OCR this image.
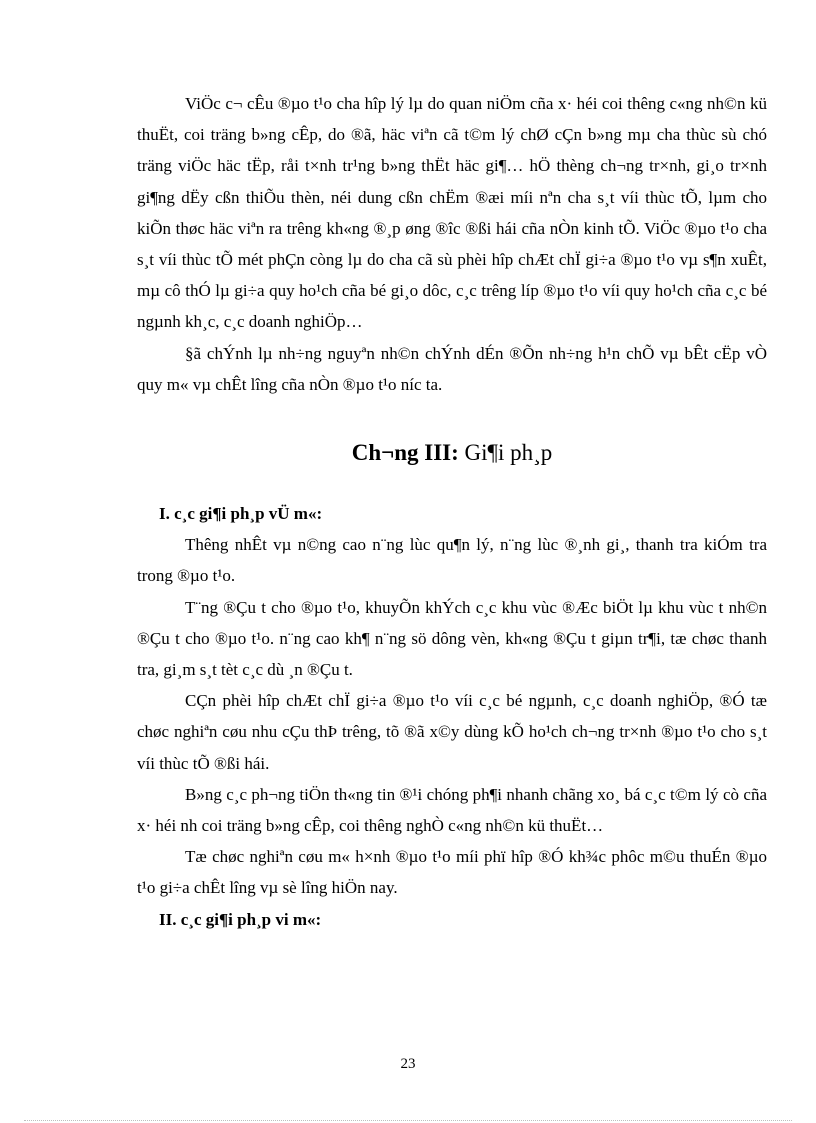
ViÖc c¬ cÊu ®µo t¹o cha hîp lý lµ do quan niÖm cña x· héi coi thêng c«ng nh©n kü thuËt, coi träng b»ng cÊp, do ®ã, häc viªn cã t©m lý chØ cÇn b»ng mµ cha thùc sù chó träng viÖc häc tËp, råi t×nh tr¹ng b»ng thËt häc gi¶… hÖ thèng ch¬ng tr×nh, gi¸o tr×nh gi¶ng dËy cßn thiÕu thèn, néi dung cßn chËm ®æi míi nªn cha s¸t víi thùc tÕ, lµm cho kiÕn thøc häc viªn ra trêng kh«ng ®¸p øng ®îc ®ßi hái cña nÒn kinh tÕ. ViÖc ®µo t¹o cha s¸t víi thùc tÕ mét phÇn còng lµ do cha cã sù phèi hîp chÆt chÏ gi÷a ®µo t¹o vµ s¶n xuÊt, mµ cô thÓ lµ gi÷a quy ho¹ch cña bé gi¸o dôc, c¸c trêng líp ®µo t¹o víi quy ho¹ch cña c¸c bé ngµnh kh¸c, c¸c doanh nghiÖp…

§ã chÝnh lµ nh÷ng nguyªn nh©n chÝnh dÉn ®Õn nh÷ng h¹n chÕ vµ bÊt cËp vÒ quy m« vµ chÊt lîng cña nÒn ®µo t¹o níc ta.

Ch¬ng III: Gi¶i ph¸p

I. c¸c gi¶i ph¸p vÜ m«:

Thêng nhÊt vµ n©ng cao n¨ng lùc qu¶n lý, n¨ng lùc ®¸nh gi¸, thanh tra kiÓm tra trong ®µo t¹o.

T¨ng ®Çu t cho ®µo t¹o, khuyÕn khÝch c¸c khu vùc ®Æc biÖt lµ khu vùc t nh©n ®Çu t cho ®µo t¹o. n¨ng cao kh¶ n¨ng sö dông vèn, kh«ng ®Çu t giµn tr¶i, tæ chøc thanh tra, gi¸m s¸t tèt c¸c dù ¸n ®Çu t.

CÇn phèi hîp chÆt chÏ gi÷a ®µo t¹o víi c¸c bé ngµnh, c¸c doanh nghiÖp, ®Ó tæ chøc nghiªn cøu nhu cÇu thÞ trêng, tõ ®ã x©y dùng kÕ ho¹ch ch¬ng tr×nh ®µo t¹o cho s¸t víi thùc tÕ ®ßi hái.

B»ng c¸c ph¬ng tiÖn th«ng tin ®¹i chóng ph¶i nhanh chãng xo¸ bá c¸c t©m lý cò cña x· héi nh coi träng b»ng cÊp, coi thêng nghÒ c«ng nh©n kü thuËt…

Tæ chøc nghiªn cøu m« h×nh ®µo t¹o míi phï hîp ®Ó kh¾c phôc m©u thuÉn ®µo t¹o gi÷a chÊt lîng vµ sè lîng hiÖn nay.

II. c¸c gi¶i ph¸p vi m«:

23
